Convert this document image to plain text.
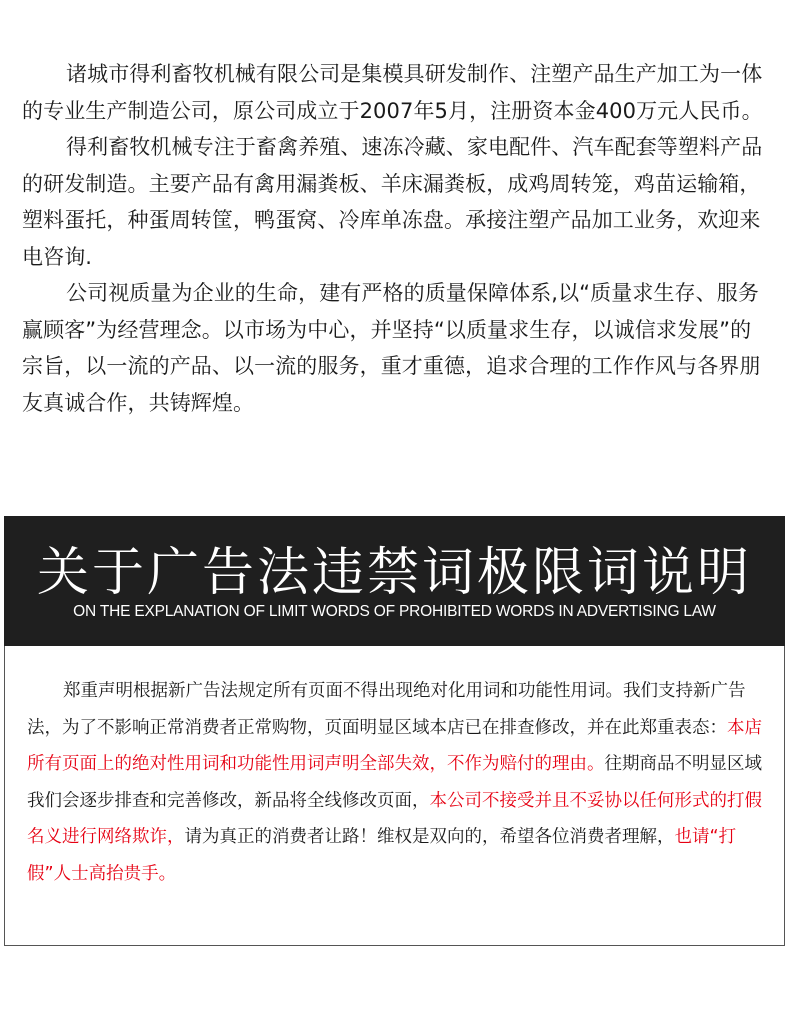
诸城市得利畜牧机械有限公司是集模具研发制作、注塑产品生产加工为一体的专业生产制造公司，原公司成立于2007年5月，注册资本金400万元人民币。

得利畜牧机械专注于畜禽养殖、速冻冷藏、家电配件、汽车配套等塑料产品的研发制造。主要产品有禽用漏粪板、羊床漏粪板，成鸡周转笼，鸡苗运输箱，塑料蛋托，种蛋周转筐，鸭蛋窝、冷库单冻盘。承接注塑产品加工业务，欢迎来电咨询.

公司视质量为企业的生命，建有严格的质量保障体系,以“质量求生存、服务赢顾客”为经营理念。以市场为中心，并坚持“以质量求生存，以诚信求发展”的宗旨，以一流的产品、以一流的服务，重才重德，追求合理的工作作风与各界朋友真诚合作，共铸辉煌。

关于广告法违禁词极限词说明
ON THE EXPLANATION OF LIMIT WORDS OF PROHIBITED WORDS IN ADVERTISING LAW

郑重声明根据新广告法规定所有页面不得出现绝对化用词和功能性用词。我们支持新广告法，为了不影响正常消费者正常购物，页面明显区域本店已在排查修改，并在此郑重表态：本店所有页面上的绝对性用词和功能性用词声明全部失效，不作为赔付的理由。往期商品不明显区域我们会逐步排查和完善修改，新品将全线修改页面，本公司不接受并且不妥协以任何形式的打假名义进行网络欺诈，请为真正的消费者让路！维权是双向的，希望各位消费者理解，也请“打假”人士高抬贵手。
